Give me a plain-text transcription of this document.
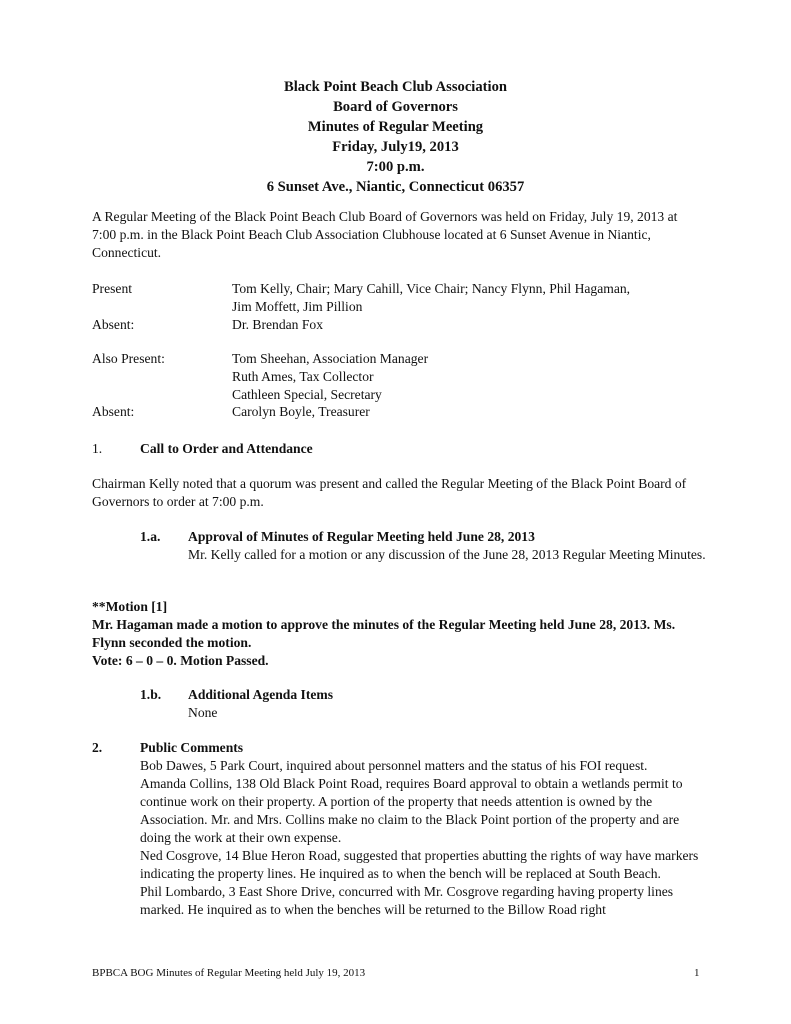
Black Point Beach Club Association
Board of Governors
Minutes of Regular Meeting
Friday, July19, 2013
7:00 p.m.
6 Sunset Ave., Niantic, Connecticut 06357
A Regular Meeting of the Black Point Beach Club Board of Governors was held on Friday, July 19, 2013 at 7:00 p.m. in the Black Point Beach Club Association Clubhouse located at 6 Sunset Avenue in Niantic, Connecticut.
Present	Tom Kelly, Chair; Mary Cahill, Vice Chair; Nancy Flynn, Phil Hagaman,
Jim Moffett, Jim Pillion
Absent:	Dr. Brendan Fox
Also Present:	Tom Sheehan, Association Manager
Ruth Ames, Tax Collector
Cathleen Special, Secretary
Absent:	Carolyn Boyle, Treasurer
1.	Call to Order and Attendance
Chairman Kelly noted that a quorum was present and called the Regular Meeting of the Black Point Board of Governors to order at 7:00 p.m.
1.a. Approval of Minutes of Regular Meeting held June 28, 2013
Mr. Kelly called for a motion or any discussion of the June 28, 2013 Regular Meeting Minutes.
**Motion [1]
Mr. Hagaman made a motion to approve the minutes of the Regular Meeting held June 28, 2013. Ms. Flynn seconded the motion.
Vote: 6 – 0 – 0. Motion Passed.
1.b. Additional Agenda Items
None
2.	Public Comments
Bob Dawes, 5 Park Court, inquired about personnel matters and the status of his FOI request.
Amanda Collins, 138 Old Black Point Road, requires Board approval to obtain a wetlands permit to continue work on their property. A portion of the property that needs attention is owned by the Association. Mr. and Mrs. Collins make no claim to the Black Point portion of the property and are doing the work at their own expense.
Ned Cosgrove, 14 Blue Heron Road, suggested that properties abutting the rights of way have markers indicating the property lines. He inquired as to when the bench will be replaced at South Beach.
Phil Lombardo, 3 East Shore Drive, concurred with Mr. Cosgrove regarding having property lines marked. He inquired as to when the benches will be returned to the Billow Road right
BPBCA BOG Minutes of Regular Meeting held July 19, 2013	1
